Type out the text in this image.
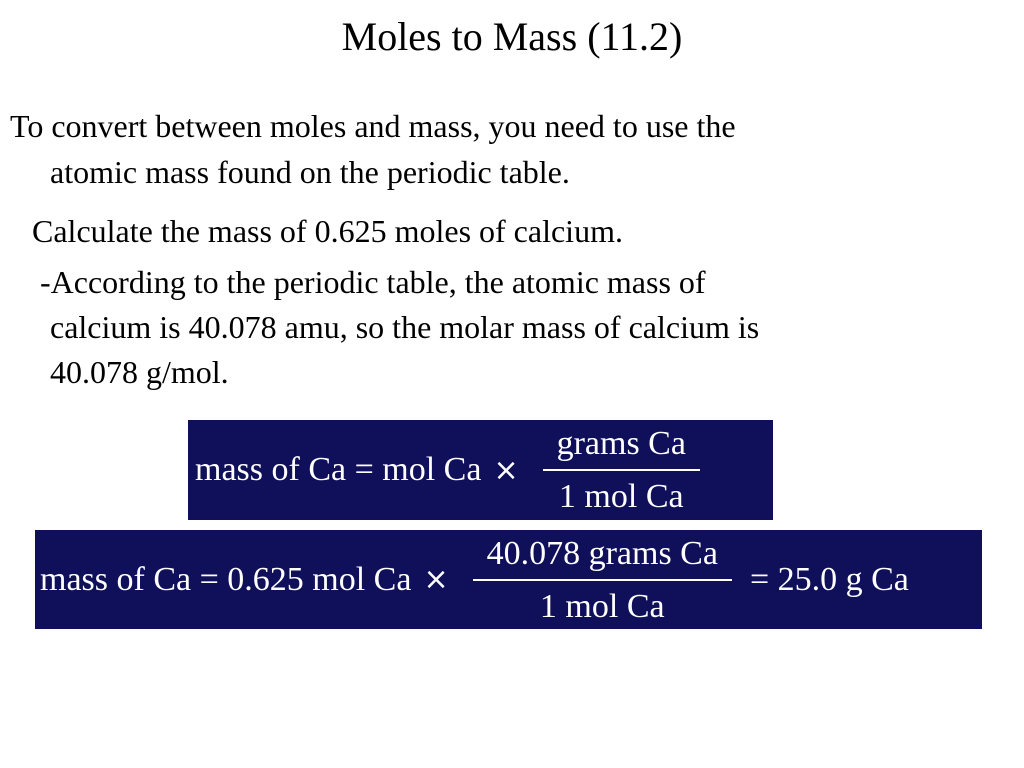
Moles to Mass (11.2)

To convert between moles and mass, you need to use the
atomic mass found on the periodic table.

Calculate the mass of 0.625 moles of calcium.

-According to the periodic table, the atomic mass of
calcium is 40.078 amu, so the molar mass of calcium is
40.078 g/mol.

mass of Ca = mol $Ca \times \frac{\text{grams Ca}}{\text{1 mol Ca}}$
mass of Ca = 0.625 mol $Ca \times \frac{\text{40.078 grams Ca}}{\text{1 mol Ca}} = 25.0$ g Ca
